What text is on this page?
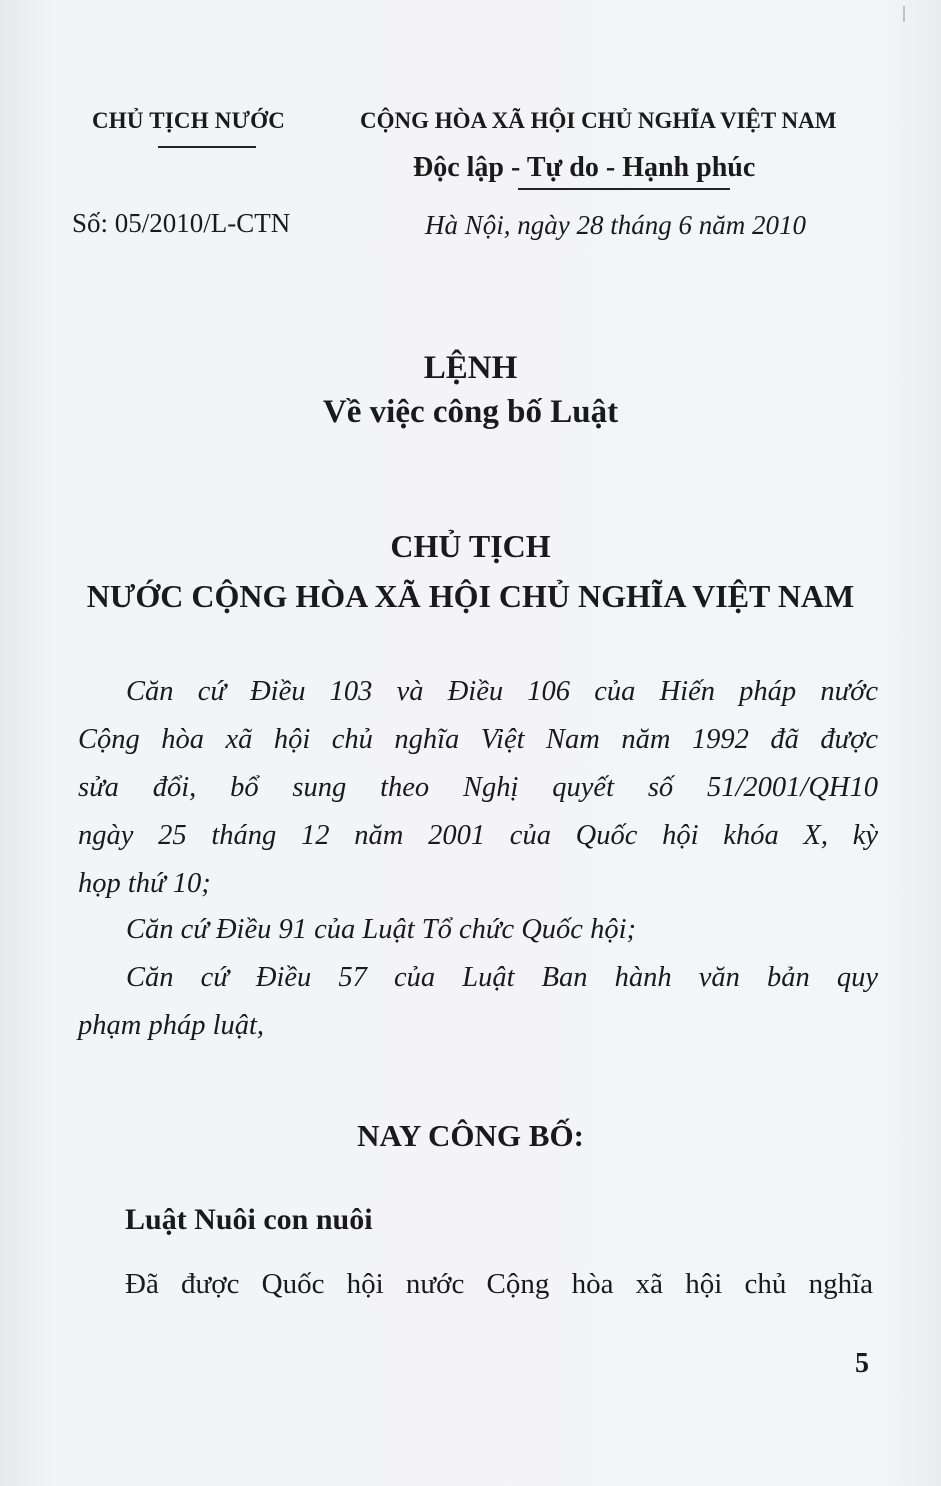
CHỦ TỊCH NƯỚC	CỘNG HÒA XÃ HỘI CHỦ NGHĨA VIỆT NAM
Độc lập - Tự do - Hạnh phúc
Số: 05/2010/L-CTN	Hà Nội, ngày 28 tháng 6 năm 2010
LỆNH
Về việc công bố Luật
CHỦ TỊCH
NƯỚC CỘNG HÒA XÃ HỘI CHỦ NGHĨA VIỆT NAM
Căn cứ Điều 103 và Điều 106 của Hiến pháp nước
Cộng hòa xã hội chủ nghĩa Việt Nam năm 1992 đã được
sửa đổi, bổ sung theo Nghị quyết số 51/2001/QH10
ngày 25 tháng 12 năm 2001 của Quốc hội khóa X, kỳ
họp thứ 10;
Căn cứ Điều 91 của Luật Tổ chức Quốc hội;
Căn cứ Điều 57 của Luật Ban hành văn bản quy
phạm pháp luật,
NAY CÔNG BỐ:
Luật Nuôi con nuôi
Đã được Quốc hội nước Cộng hòa xã hội chủ nghĩa
5
